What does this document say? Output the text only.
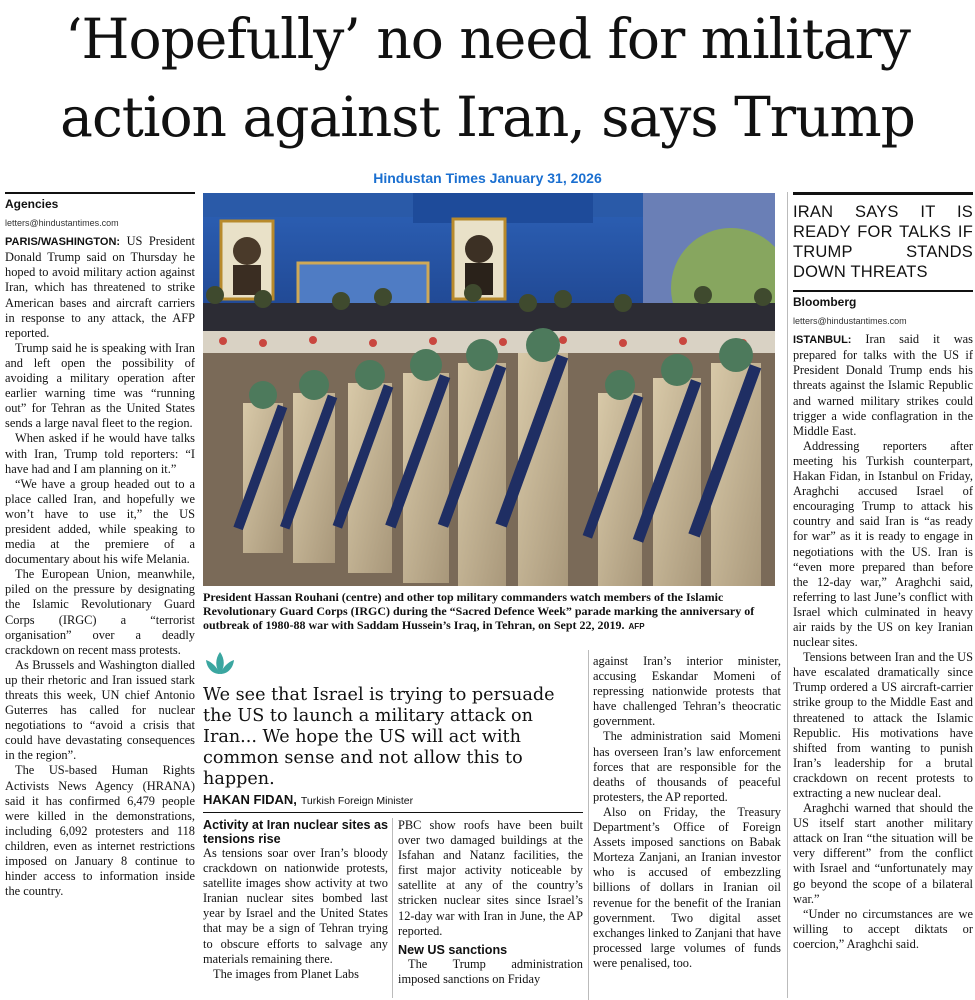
‘Hopefully’ no need for military
action against Iran, says Trump
Hindustan Times January 31, 2026
Agencies
letters@hindustantimes.com

PARIS/WASHINGTON: US President Donald Trump said on Thursday he hoped to avoid military action against Iran, which has threatened to strike American bases and aircraft carriers in response to any attack, the AFP reported.

Trump said he is speaking with Iran and left open the possibility of avoiding a military operation after earlier warning time was “running out” for Tehran as the United States sends a large naval fleet to the region.

When asked if he would have talks with Iran, Trump told reporters: “I have had and I am planning on it.”

“We have a group headed out to a place called Iran, and hopefully we won’t have to use it,” the US president added, while speaking to media at the premiere of a documentary about his wife Melania.

The European Union, meanwhile, piled on the pressure by designating the Islamic Revolutionary Guard Corps (IRGC) a “terrorist organisation” over a deadly crackdown on recent mass protests.

As Brussels and Washington dialled up their rhetoric and Iran issued stark threats this week, UN chief Antonio Guterres has called for nuclear negotiations to “avoid a crisis that could have devastating consequences in the region”.

The US-based Human Rights Activists News Agency (HRANA) said it has confirmed 6,479 people were killed in the demonstrations, including 6,092 protesters and 118 children, even as internet restrictions imposed on January 8 continue to hinder access to information inside the country.

President Hassan Rouhani (centre) and other top military commanders watch members of the Islamic Revolutionary Guard Corps (IRGC) during the “Sacred Defence Week” parade marking the anniversary of outbreak of 1980-88 war with Saddam Hussein’s Iraq, in Tehran, on Sept 22, 2019. AFP
We see that Israel is trying to persuade the US to launch a military attack on Iran... We hope the US will act with common sense and not allow this to happen.
HAKAN FIDAN, Turkish Foreign Minister

Activity at Iran nuclear sites as tensions rise

As tensions soar over Iran’s bloody crackdown on nationwide protests, satellite images show activity at two Iranian nuclear sites bombed last year by Israel and the United States that may be a sign of Tehran trying to obscure efforts to salvage any materials remaining there.

The images from Planet Labs

PBC show roofs have been built over two damaged buildings at the Isfahan and Natanz facilities, the first major activity noticeable by satellite at any of the country’s stricken nuclear sites since Israel’s 12-day war with Iran in June, the AP reported.

New US sanctions

The Trump administration imposed sanctions on Friday

against Iran’s interior minister, accusing Eskandar Momeni of repressing nationwide protests that have challenged Tehran’s theocratic government.

The administration said Momeni has overseen Iran’s law enforcement forces that are responsible for the deaths of thousands of peaceful protesters, the AP reported.

Also on Friday, the Treasury Department’s Office of Foreign Assets imposed sanctions on Babak Morteza Zanjani, an Iranian investor who is accused of embezzling billions of dollars in Iranian oil revenue for the benefit of the Iranian government. Two digital asset exchanges linked to Zanjani that have processed large volumes of funds were penalised, too.

IRAN SAYS IT IS READY FOR TALKS IF TRUMP STANDS DOWN THREATS
Bloomberg
letters@hindustantimes.com

ISTANBUL: Iran said it was prepared for talks with the US if President Donald Trump ends his threats against the Islamic Republic and warned military strikes could trigger a wide conflagration in the Middle East.

Addressing reporters after meeting his Turkish counterpart, Hakan Fidan, in Istanbul on Friday, Araghchi accused Israel of encouraging Trump to attack his country and said Iran is “as ready for war” as it is ready to engage in negotiations with the US. Iran is “even more prepared than before the 12-day war,” Araghchi said, referring to last June’s conflict with Israel which culminated in heavy air raids by the US on key Iranian nuclear sites.

Tensions between Iran and the US have escalated dramatically since Trump ordered a US aircraft-carrier strike group to the Middle East and threatened to attack the Islamic Republic. His motivations have shifted from wanting to punish Iran’s leadership for a brutal crackdown on recent protests to extracting a new nuclear deal.

Araghchi warned that should the US itself start another military attack on Iran “the situation will be very different” from the conflict with Israel and “unfortunately may go beyond the scope of a bilateral war.”

“Under no circumstances are we willing to accept diktats or coercion,” Araghchi said.
